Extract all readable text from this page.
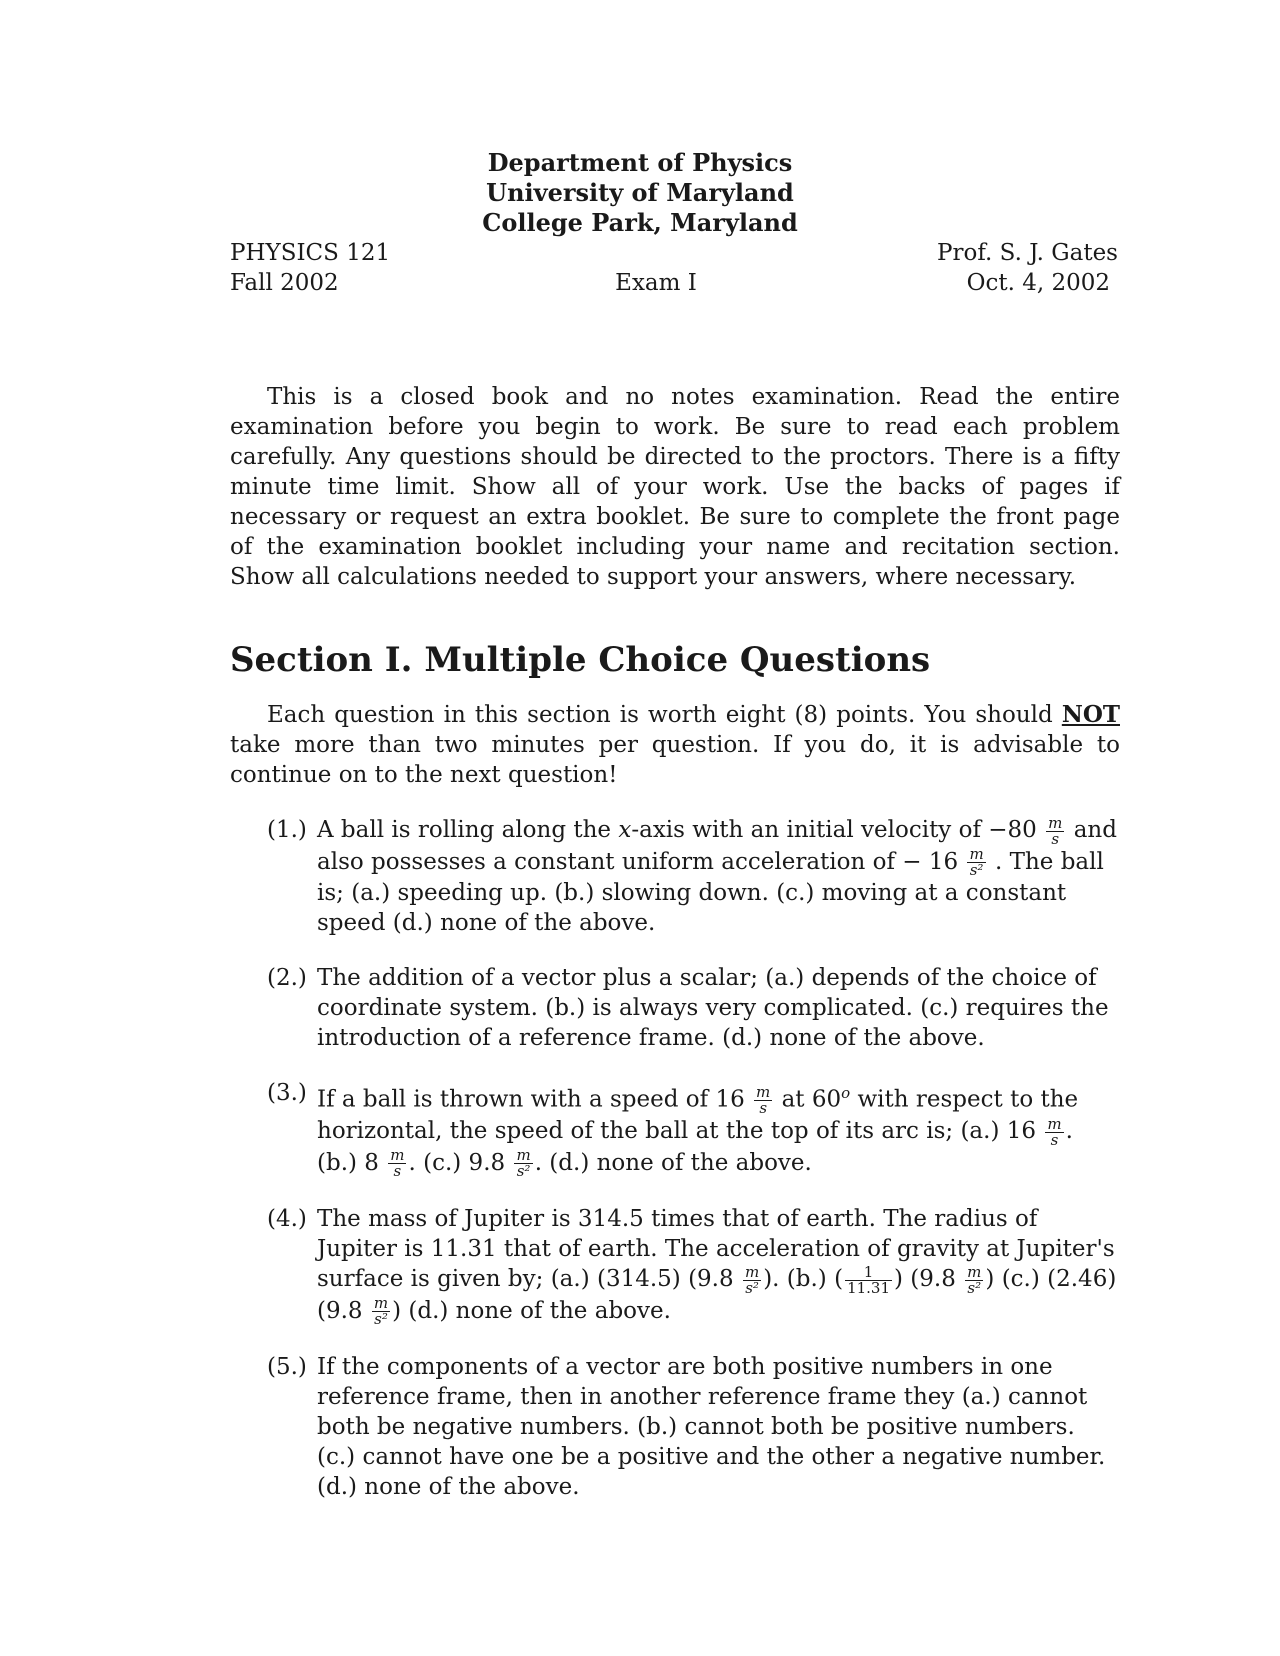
Department of Physics
University of Maryland
College Park, Maryland
PHYSICS 121
Fall 2002	Exam I
Prof. S. J. Gates
Oct. 4, 2002
This is a closed book and no notes examination. Read the entire examination before you begin to work. Be sure to read each problem carefully. Any questions should be directed to the proctors. There is a fifty minute time limit. Show all of your work. Use the backs of pages if necessary or request an extra booklet. Be sure to complete the front page of the examination booklet including your name and recitation section. Show all calculations needed to support your answers, where necessary.
Section I. Multiple Choice Questions
Each question in this section is worth eight (8) points. You should NOT take more than two minutes per question. If you do, it is advisable to continue on to the next question!
(1.) A ball is rolling along the x-axis with an initial velocity of $-80 \frac{m}{s}$ and also possesses a constant uniform acceleration of − $16 \frac{m}{\text{s²}}$ . The ball is; (a.) speeding up. (b.) slowing down. (c.) moving at a constant speed (d.) none of the above.
(2.) The addition of a vector plus a scalar; (a.) depends of the choice of coordinate system. (b.) is always very complicated. (c.) requires the introduction of a reference frame. (d.) none of the above.
(3.) If a ball is thrown with a speed of $16 \frac{m}{s}$ at 60$^o$ with respect to the horizontal, the speed of the ball at the top of its arc is; (a.) $16 \frac{m}{s}$ . (b.) $8 \frac{m}{s}$ . (c.) $9.8 \frac{m}{\text{s²}}$ . (d.) none of the above.
(4.) The mass of Jupiter is 314.5 times that of earth. The radius of Jupiter is 11.31 that of earth. The acceleration of gravity at Jupiter's surface is given by; (a.) (314.5) ($9.8 \frac{m}{\text{s²}}$ ). (b.) ( $\frac{1}{11.31}$ ) ($9.8 \frac{m}{\text{s²}}$ ) (c.) (2.46) ($9.8 \frac{m}{\text{s²}}$ ) (d.) none of the above.
(5.) If the components of a vector are both positive numbers in one reference frame, then in another reference frame they (a.) cannot both be negative numbers. (b.) cannot both be positive numbers. (c.) cannot have one be a positive and the other a negative number. (d.) none of the above.
